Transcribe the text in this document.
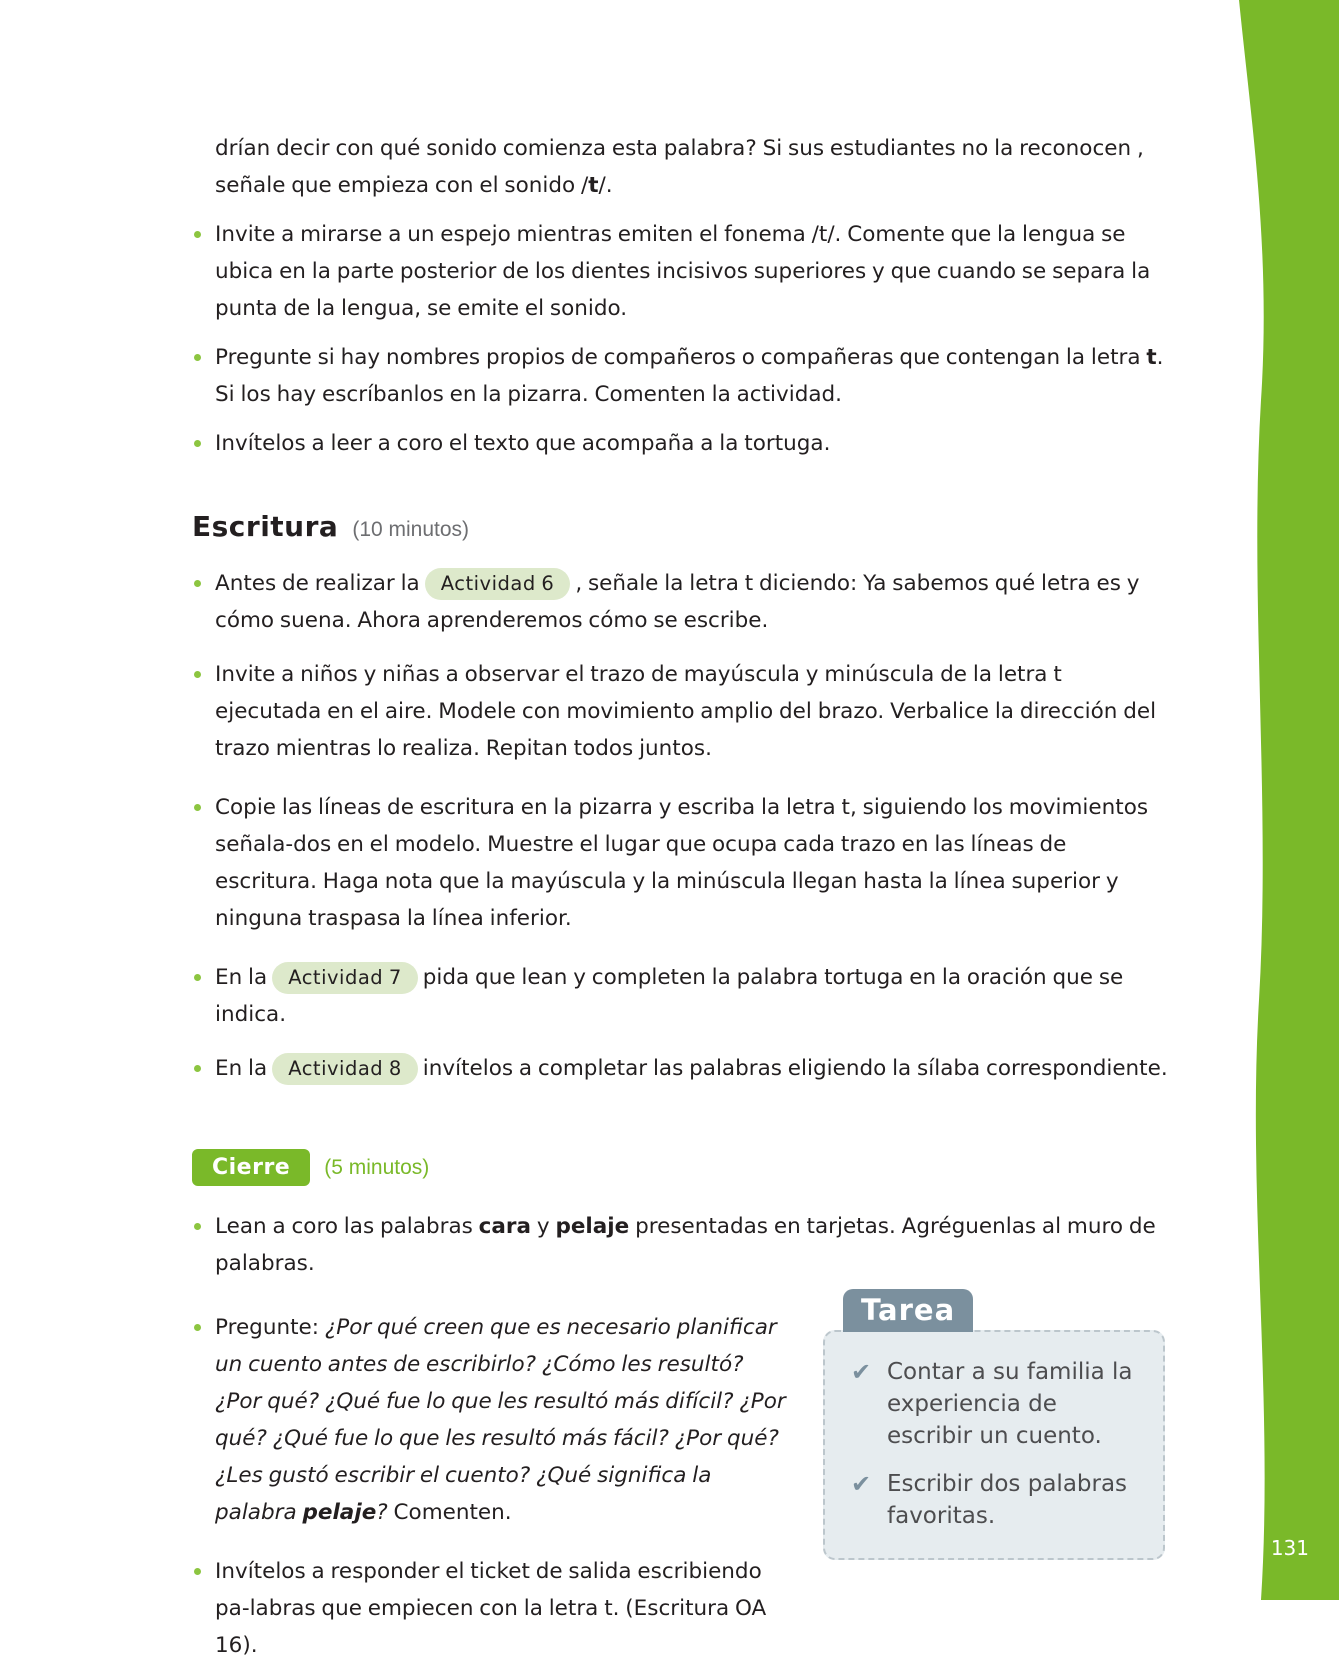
131
drían decir con qué sonido comienza esta palabra? Si sus estudiantes no la reconocen , señale que empieza con el sonido /t/.
Invite a mirarse a un espejo mientras emiten el fonema /t/. Comente que la lengua se ubica en la parte posterior de los dientes incisivos superiores y que cuando se separa la punta de la lengua, se emite el sonido.
Pregunte si hay nombres propios de compañeros o compañeras que contengan la letra t. Si los hay escríbanlos en la pizarra. Comenten la actividad.
Invítelos a leer a coro el texto que acompaña a la tortuga.
Escritura (10 minutos)
Antes de realizar la Actividad 6 , señale la letra t diciendo: Ya sabemos qué letra es y cómo suena. Ahora aprenderemos cómo se escribe.
Invite a niños y niñas a observar el trazo de mayúscula y minúscula de la letra t ejecutada en el aire. Modele con movimiento amplio del brazo. Verbalice la dirección del trazo mientras lo realiza. Repitan todos juntos.
Copie las líneas de escritura en la pizarra y escriba la letra t, siguiendo los movimientos señala-dos en el modelo. Muestre el lugar que ocupa cada trazo en las líneas de escritura. Haga nota que la mayúscula y la minúscula llegan hasta la línea superior y ninguna traspasa la línea inferior.
En la Actividad 7 pida que lean y completen la palabra tortuga en la oración que se indica.
En la Actividad 8 invítelos a completar las palabras eligiendo la sílaba correspondiente.
Cierre	(5 minutos)
Lean a coro las palabras cara y pelaje presentadas en tarjetas. Agréguenlas al muro de palabras.
Pregunte: ¿Por qué creen que es necesario planificar un cuento antes de escribirlo? ¿Cómo les resultó? ¿Por qué? ¿Qué fue lo que les resultó más difícil? ¿Por qué? ¿Qué fue lo que les resultó más fácil? ¿Por qué? ¿Les gustó escribir el cuento? ¿Qué significa la palabra pelaje? Comenten.
Invítelos a responder el ticket de salida escribiendo pa-labras que empiecen con la letra t. (Escritura OA 16).
Tarea
✔ Contar a su familia la experiencia de escribir un cuento.
✔ Escribir dos palabras favoritas.
